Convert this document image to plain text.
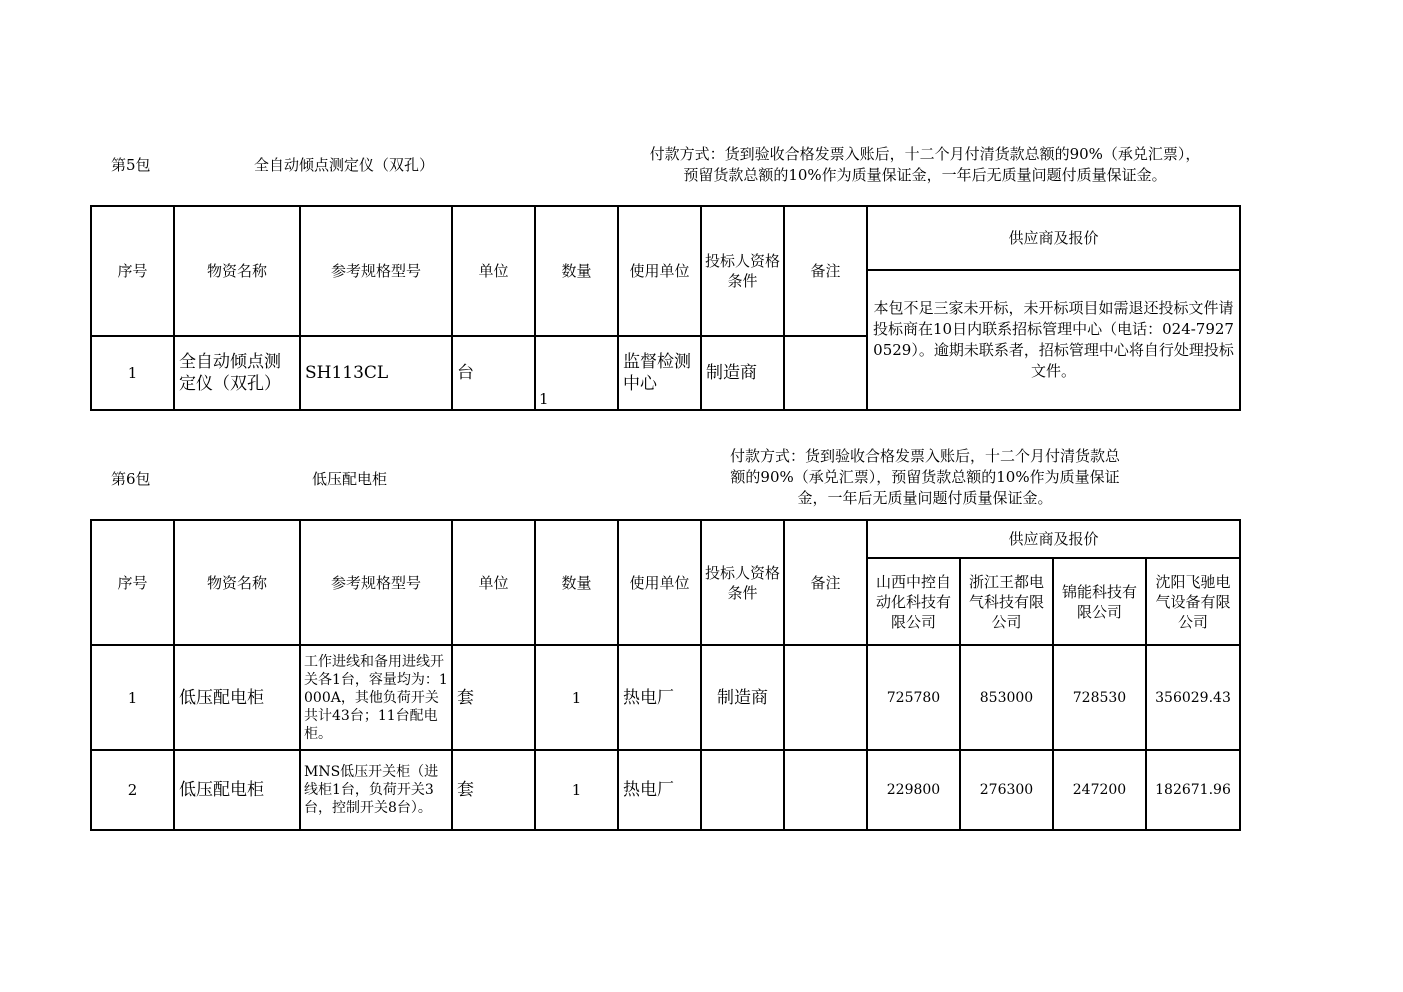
第5包	全自动倾点测定仪（双孔）
付款方式：货到验收合格发票入账后，十二个月付清货款总额的90%（承兑汇票），
预留货款总额的10%作为质量保证金，一年后无质量问题付质量保证金。
序号	物资名称	参考规格型号	单位	数量	使用单位	投标人资格条件	备注	供应商及报价
								本包不足三家未开标，未开标项目如需退还投标文件请投标商在10日内联系招标管理中心（电话：024-79270529）。逾期未联系者，招标管理中心将自行处理投标文件。
1	全自动倾点测定仪（双孔）	SH113CL	台	1	监督检测中心	制造商		
第6包	低压配电柜
付款方式：货到验收合格发票入账后，十二个月付清货款总
额的90%（承兑汇票），预留货款总额的10%作为质量保证
金，一年后无质量问题付质量保证金。
序号	物资名称	参考规格型号	单位	数量	使用单位	投标人资格条件	备注	供应商及报价			
								山西中控自动化科技有限公司	浙江王都电气科技有限公司	锦能科技有限公司	沈阳飞驰电气设备有限公司
1	低压配电柜	工作进线和备用进线开关各1台，容量均为：1000A，其他负荷开关共计43台；11台配电柜。	套	1	热电厂	制造商		725780	853000	728530	356029.43
2	低压配电柜	MNS低压开关柜（进线柜1台，负荷开关3台，控制开关8台）。	套	1	热电厂			229800	276300	247200	182671.96
